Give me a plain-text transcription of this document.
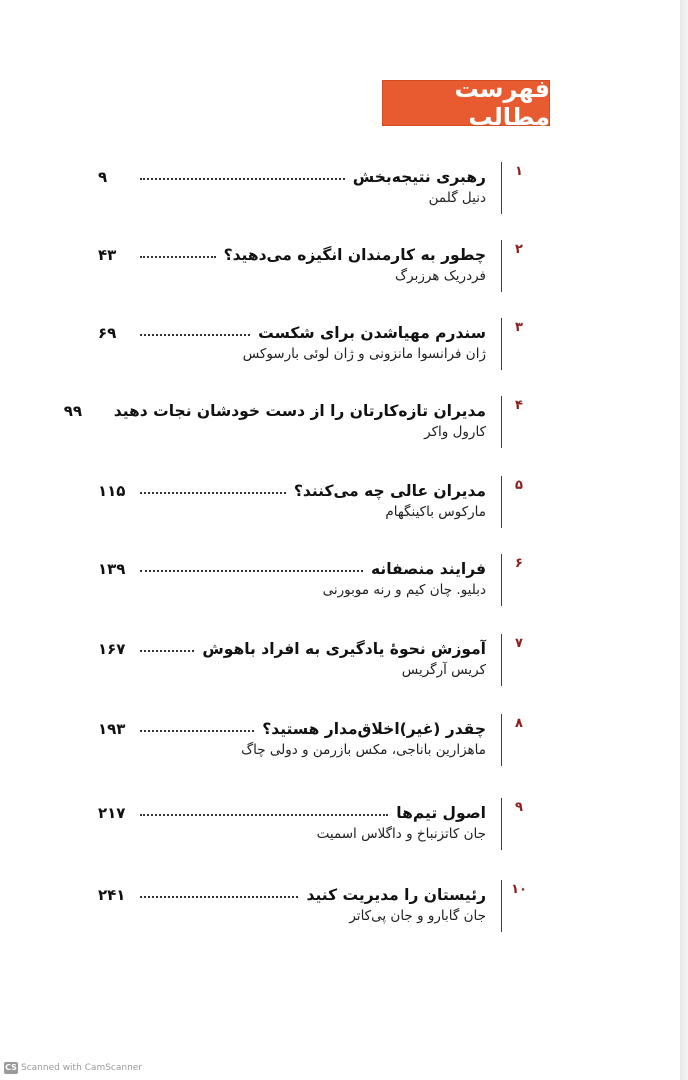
فهرست مطالب
۱
رهبری نتیجه‌بخش
۹
دنیل گلمن
۲
چطور به کارمندان انگیزه می‌دهید؟
۴۳
فردریک هرزبرگ
۳
سندرم مهیاشدن برای شکست
۶۹
ژان فرانسوا مانزونی و ژان لوئی بارسوکس
۴
مدیران تازه‌کارتان را از دست خودشان نجات دهید
۹۹
کارول واکر
۵
مدیران عالی چه می‌کنند؟
۱۱۵
مارکوس باکینگهام
۶
فرایند منصفانه
۱۳۹
دبلیو. چان کیم و رنه موبورنی
۷
آموزش نحوهٔ یادگیری به افراد باهوش
۱۶۷
کریس آرگریس
۸
چقدر (غیر)اخلاق‌مدار هستید؟
۱۹۳
ماهزارین باناجی، مکس بازرمن و دولی چاگ
۹
اصول تیم‌ها
۲۱۷
جان کاتزنباخ و داگلاس اسمیت
۱۰
رئیستان را مدیریت کنید
۲۴۱
جان گابارو و جان پی‌کاتر
CS Scanned with CamScanner
